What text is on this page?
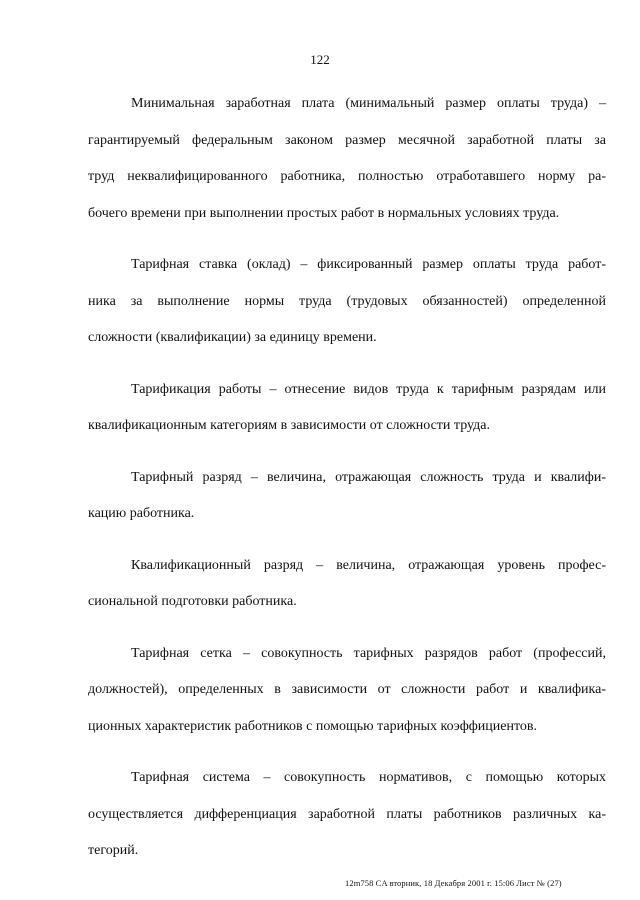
122

Минимальная заработная плата (минимальный размер оплаты труда) –
гарантируемый федеральным законом размер месячной заработной платы за
труд неквалифицированного работника, полностью отработавшего норму ра-
бочего времени при выполнении простых работ в нормальных условиях труда.

Тарифная ставка (оклад) – фиксированный размер оплаты труда работ-
ника за выполнение нормы труда (трудовых обязанностей) определенной
сложности (квалификации) за единицу времени.

Тарификация работы – отнесение видов труда к тарифным разрядам или
квалификационным категориям в зависимости от сложности труда.

Тарифный разряд – величина, отражающая сложность труда и квалифи-
кацию работника.

Квалификационный разряд – величина, отражающая уровень профес-
сиональной подготовки работника.

Тарифная сетка – совокупность тарифных разрядов работ (профессий,
должностей), определенных в зависимости от сложности работ и квалифика-
ционных характеристик работников с помощью тарифных коэффициентов.

Тарифная система – совокупность нормативов, с помощью которых
осуществляется дифференциация заработной платы работников различных ка-
тегорий.

12m758 CA вторник, 18 Декабря 2001 г. 15:06 Лист № (27)
